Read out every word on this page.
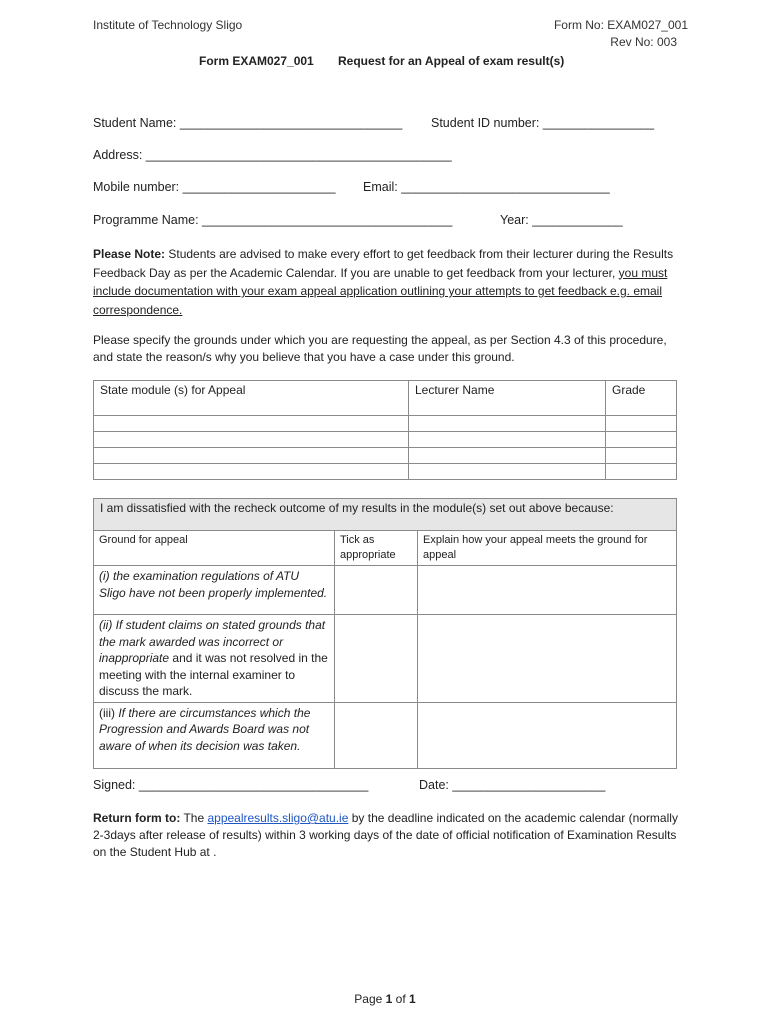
Institute of Technology Sligo	Form No: EXAM027_001
Rev No: 003
Form EXAM027_001 Request for an Appeal of exam result(s)
Student Name: ________________________________ Student ID number: ________________
Address: ____________________________________________
Mobile number: ______________________ Email: ______________________________
Programme Name: ____________________________________	Year: _____________
Please Note: Students are advised to make every effort to get feedback from their lecturer during the Results Feedback Day as per the Academic Calendar. If you are unable to get feedback from your lecturer, you must include documentation with your exam appeal application outlining your attempts to get feedback e.g. email correspondence.
Please specify the grounds under which you are requesting the appeal, as per Section 4.3 of this procedure, and state the reason/s why you believe that you have a case under this ground.
State module (s) for Appeal	Lecturer Name	Grade

I am dissatisfied with the recheck outcome of my results in the module(s) set out above because:		
Ground for appeal	Tick as appropriate	Explain how your appeal meets the ground for appeal
(i) the examination regulations of ATU Sligo have not been properly implemented.		
(ii) If student claims on stated grounds that the mark awarded was incorrect or inappropriate and it was not resolved in the meeting with the internal examiner to discuss the mark.		
(iii) If there are circumstances which the Progression and Awards Board was not aware of when its decision was taken.		
Signed: _________________________________	Date: ______________________
Return form to: The appealresults.sligo@atu.ie by the deadline indicated on the academic calendar (normally 2-3days after release of results) within 3 working days of the date of official notification of Examination Results on the Student Hub at .
Page 1 of 1
